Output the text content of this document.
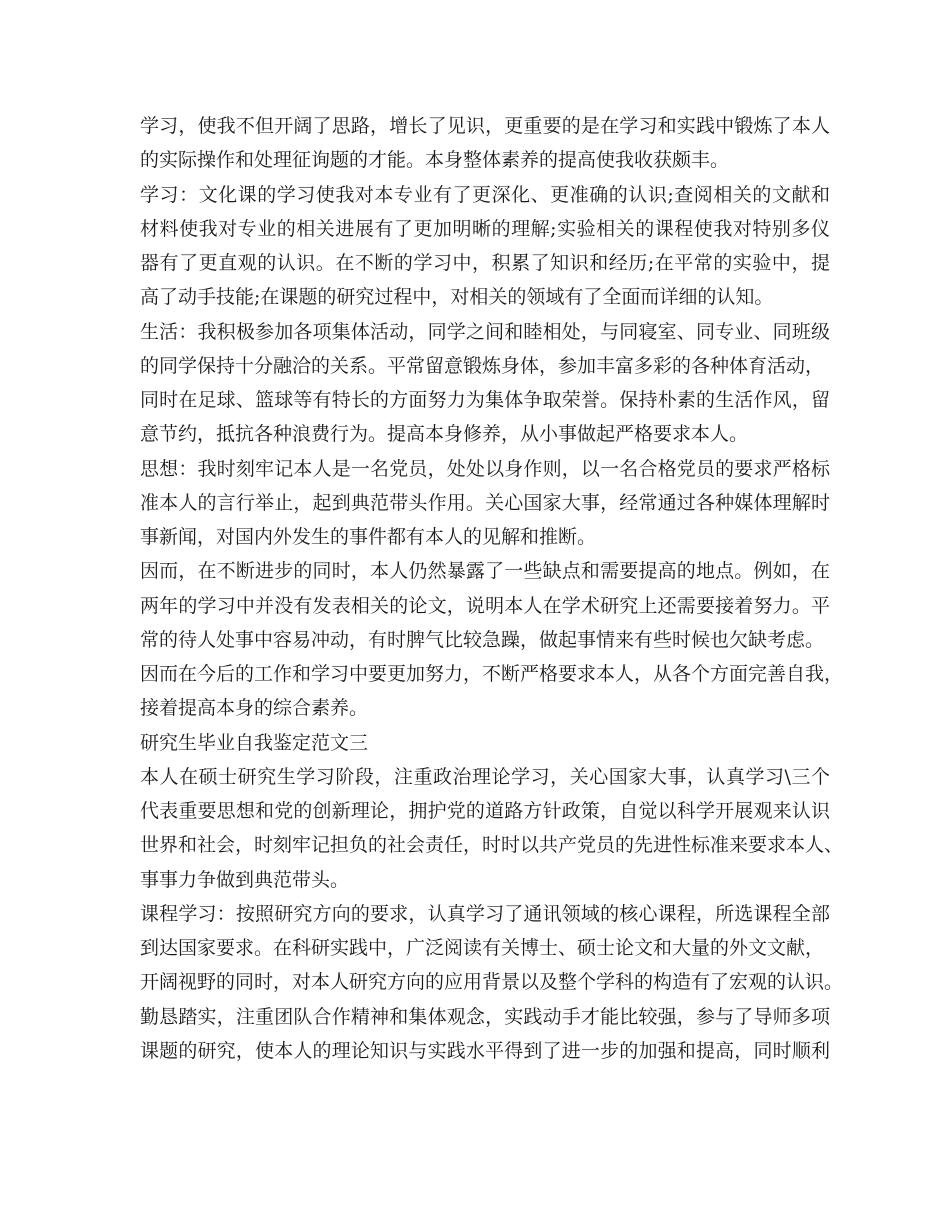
学习，使我不但开阔了思路，增长了见识，更重要的是在学习和实践中锻炼了本人
的实际操作和处理征询题的才能。本身整体素养的提高使我收获颇丰。
学习：文化课的学习使我对本专业有了更深化、更准确的认识;查阅相关的文献和
材料使我对专业的相关进展有了更加明晰的理解;实验相关的课程使我对特别多仪
器有了更直观的认识。在不断的学习中，积累了知识和经历;在平常的实验中，提
高了动手技能;在课题的研究过程中，对相关的领域有了全面而详细的认知。
生活：我积极参加各项集体活动，同学之间和睦相处，与同寝室、同专业、同班级
的同学保持十分融洽的关系。平常留意锻炼身体，参加丰富多彩的各种体育活动，
同时在足球、篮球等有特长的方面努力为集体争取荣誉。保持朴素的生活作风，留
意节约，抵抗各种浪费行为。提高本身修养，从小事做起严格要求本人。
思想：我时刻牢记本人是一名党员，处处以身作则，以一名合格党员的要求严格标
准本人的言行举止，起到典范带头作用。关心国家大事，经常通过各种媒体理解时
事新闻，对国内外发生的事件都有本人的见解和推断。
因而，在不断进步的同时，本人仍然暴露了一些缺点和需要提高的地点。例如，在
两年的学习中并没有发表相关的论文，说明本人在学术研究上还需要接着努力。平
常的待人处事中容易冲动，有时脾气比较急躁，做起事情来有些时候也欠缺考虑。
因而在今后的工作和学习中要更加努力，不断严格要求本人，从各个方面完善自我，
接着提高本身的综合素养。
研究生毕业自我鉴定范文三
本人在硕士研究生学习阶段，注重政治理论学习，关心国家大事，认真学习\三个
代表重要思想和党的创新理论，拥护党的道路方针政策，自觉以科学开展观来认识
世界和社会，时刻牢记担负的社会责任，时时以共产党员的先进性标准来要求本人、
事事力争做到典范带头。
课程学习：按照研究方向的要求，认真学习了通讯领域的核心课程，所选课程全部
到达国家要求。在科研实践中，广泛阅读有关博士、硕士论文和大量的外文文献，
开阔视野的同时，对本人研究方向的应用背景以及整个学科的构造有了宏观的认识。
勤恳踏实，注重团队合作精神和集体观念，实践动手才能比较强，参与了导师多项
课题的研究，使本人的理论知识与实践水平得到了进一步的加强和提高，同时顺利
